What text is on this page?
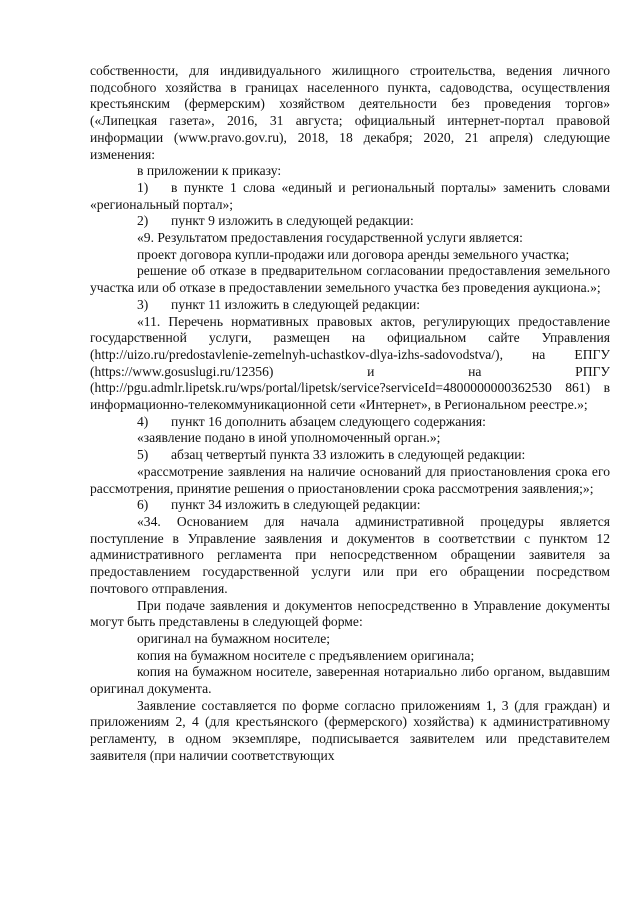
собственности, для индивидуального жилищного строительства, ведения личного подсобного хозяйства в границах населенного пункта, садоводства, осуществления крестьянским (фермерским) хозяйством деятельности без проведения торгов» («Липецкая газета», 2016, 31 августа; официальный интернет-портал правовой информации (www.pravo.gov.ru), 2018, 18 декабря; 2020, 21 апреля) следующие изменения:

в приложении к приказу:

1) в пункте 1 слова «единый и региональный порталы» заменить словами «региональный портал»;

2) пункт 9 изложить в следующей редакции:

«9. Результатом предоставления государственной услуги является:

проект договора купли-продажи или договора аренды земельного участка;

решение об отказе в предварительном согласовании предоставления земельного участка или об отказе в предоставлении земельного участка без проведения аукциона.»;

3) пункт 11 изложить в следующей редакции:

«11. Перечень нормативных правовых актов, регулирующих предоставление государственной услуги, размещен на официальном сайте Управления (http://uizo.ru/predostavlenie-zemelnyh-uchastkov-dlya-izhs-sadovodstva/), на ЕПГУ (https://www.gosuslugi.ru/12356) и на РПГУ (http://pgu.admlr.lipetsk.ru/wps/portal/lipetsk/service?serviceId=4800000000362530 861) в информационно-телекоммуникационной сети «Интернет», в Региональном реестре.»;

4) пункт 16 дополнить абзацем следующего содержания:

«заявление подано в иной уполномоченный орган.»;

5) абзац четвертый пункта 33 изложить в следующей редакции:

«рассмотрение заявления на наличие оснований для приостановления срока его рассмотрения, принятие решения о приостановлении срока рассмотрения заявления;»;

6) пункт 34 изложить в следующей редакции:

«34. Основанием для начала административной процедуры является поступление в Управление заявления и документов в соответствии с пунктом 12 административного регламента при непосредственном обращении заявителя за предоставлением государственной услуги или при его обращении посредством почтового отправления.

При подаче заявления и документов непосредственно в Управление документы могут быть представлены в следующей форме:

оригинал на бумажном носителе;

копия на бумажном носителе с предъявлением оригинала;

копия на бумажном носителе, заверенная нотариально либо органом, выдавшим оригинал документа.

Заявление составляется по форме согласно приложениям 1, 3 (для граждан) и приложениям 2, 4 (для крестьянского (фермерского) хозяйства) к административному регламенту, в одном экземпляре, подписывается заявителем или представителем заявителя (при наличии соответствующих
